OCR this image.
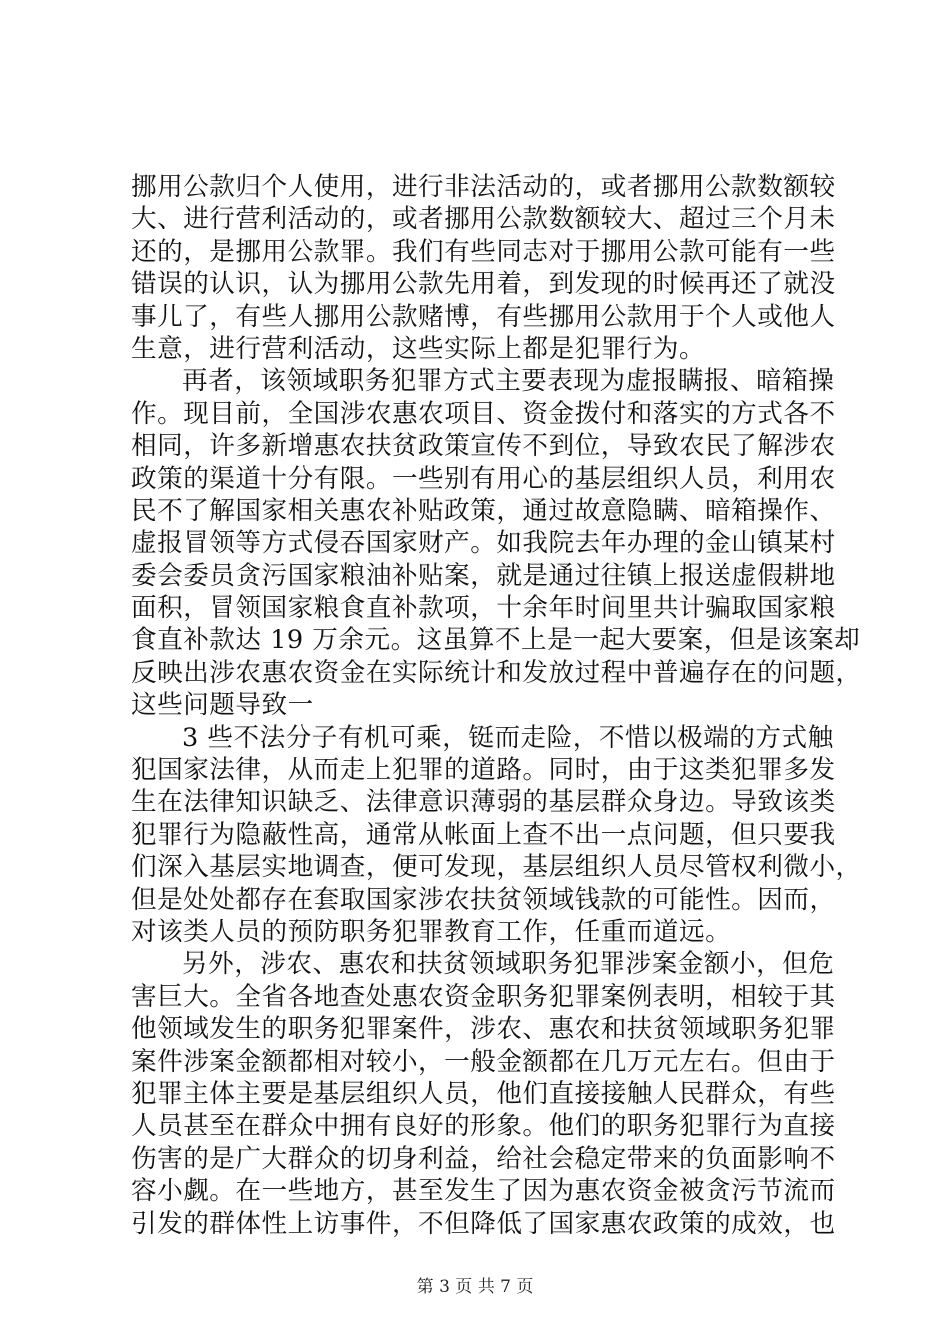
挪用公款归个人使用，进行非法活动的，或者挪用公款数额较
大、进行营利活动的，或者挪用公款数额较大、超过三个月未
还的，是挪用公款罪。我们有些同志对于挪用公款可能有一些
错误的认识，认为挪用公款先用着，到发现的时候再还了就没
事儿了，有些人挪用公款赌博，有些挪用公款用于个人或他人
生意，进行营利活动，这些实际上都是犯罪行为。
再者，该领域职务犯罪方式主要表现为虚报瞒报、暗箱操
作。现目前，全国涉农惠农项目、资金拨付和落实的方式各不
相同，许多新增惠农扶贫政策宣传不到位，导致农民了解涉农
政策的渠道十分有限。一些别有用心的基层组织人员，利用农
民不了解国家相关惠农补贴政策，通过故意隐瞒、暗箱操作、
虚报冒领等方式侵吞国家财产。如我院去年办理的金山镇某村
委会委员贪污国家粮油补贴案，就是通过往镇上报送虚假耕地
面积，冒领国家粮食直补款项，十余年时间里共计骗取国家粮
食直补款达 19 万余元。这虽算不上是一起大要案，但是该案却
反映出涉农惠农资金在实际统计和发放过程中普遍存在的问题，
这些问题导致一
3 些不法分子有机可乘，铤而走险，不惜以极端的方式触
犯国家法律，从而走上犯罪的道路。同时，由于这类犯罪多发
生在法律知识缺乏、法律意识薄弱的基层群众身边。导致该类
犯罪行为隐蔽性高，通常从帐面上查不出一点问题，但只要我
们深入基层实地调查，便可发现，基层组织人员尽管权利微小，
但是处处都存在套取国家涉农扶贫领域钱款的可能性。因而，
对该类人员的预防职务犯罪教育工作，任重而道远。
另外，涉农、惠农和扶贫领域职务犯罪涉案金额小，但危
害巨大。全省各地查处惠农资金职务犯罪案例表明，相较于其
他领域发生的职务犯罪案件，涉农、惠农和扶贫领域职务犯罪
案件涉案金额都相对较小，一般金额都在几万元左右。但由于
犯罪主体主要是基层组织人员，他们直接接触人民群众，有些
人员甚至在群众中拥有良好的形象。他们的职务犯罪行为直接
伤害的是广大群众的切身利益，给社会稳定带来的负面影响不
容小觑。在一些地方，甚至发生了因为惠农资金被贪污节流而
引发的群体性上访事件，不但降低了国家惠农政策的成效，也
第 3 页 共 7 页
